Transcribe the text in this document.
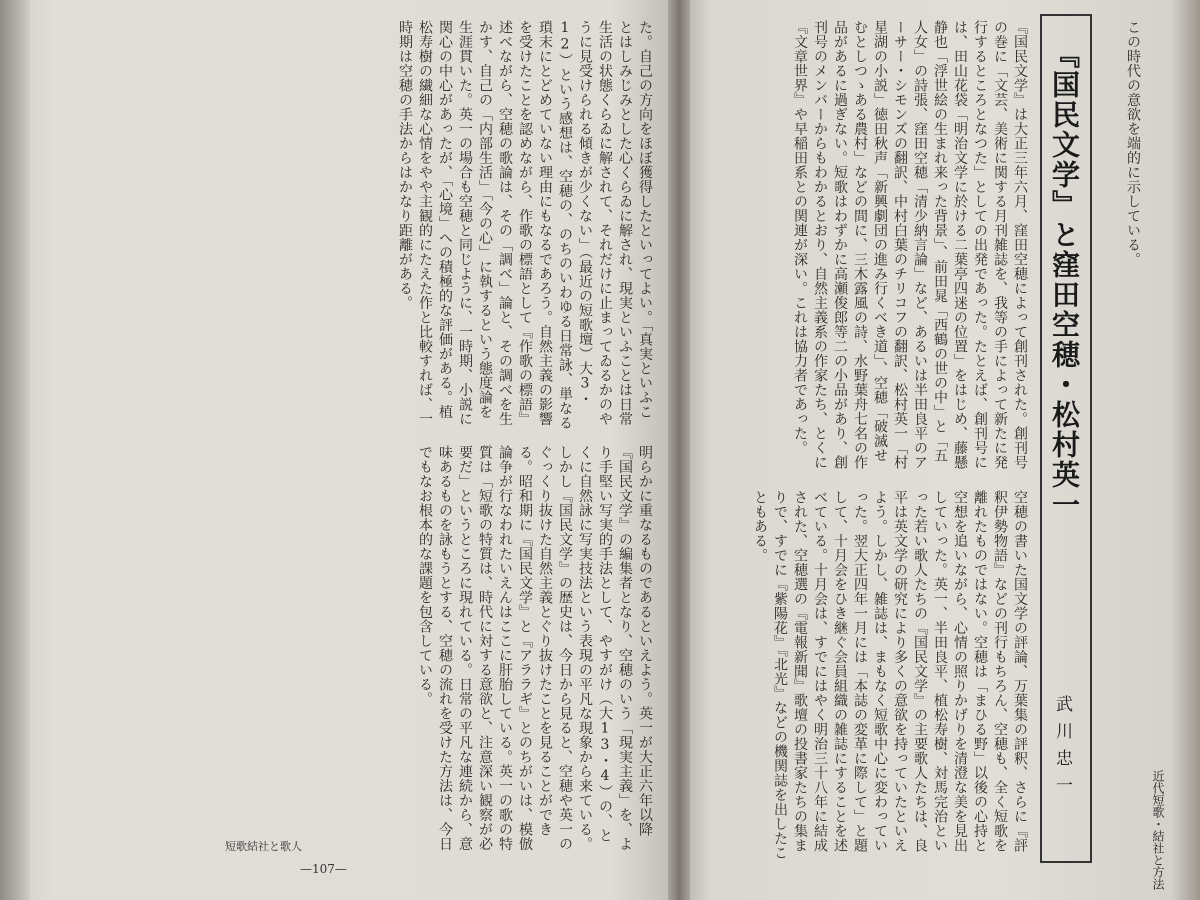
た。自己の方向をほぼ獲得したといってよい。「真実といふことはしみじみとした心くらゐに解され、現実といふことは日常生活の状態くらゐに解されて、それだけに止まってゐるかのやうに見受けられる傾きが少くない」（最近の短歌壇）大3・12）という感想は、空穂の、のちのいわゆる日常詠、単なる瑣末にとどめていない理由にもなるであろう。自然主義の影響を受けたことを認めながら、作歌の標語として『作歌の標語』述べながら、空穂の歌論は、その「調べ」論と、その調べを生かす、自己の「内部生活」「今の心」に執するという態度論を生涯貫いた。英一の場合も空穂と同じように、一時期、小説に関心の中心があったが、「心境」への積極的な評価がある。植松寿樹の繊細な心情をやや主観的にたえた作と比較すれば、一時期は空穂の手法からはかなり距離がある。

明らかに重なるものであるといえよう。英一が大正六年以降『国民文学』の編集者となり、空穂のいう「現実主義」を、より手堅い写実的手法として、やすがけ（大13・4）の、とくに自然詠に写実技法という表現の平凡な現象から来ている。しかし『国民文学』の歴史は、今日から見ると、空穂や英一のぐっくり抜けた自然主義とぐり抜けたことを見ることができる。昭和期に『国民文学』と『アララギ』とのちがいは、模倣論争が行なわれたいえんはここに肝胎している。英一の歌の特質は「短歌の特質は、時代に対する意欲と、注意深い観察が必要だ」というところに現れている。日常の平凡な連続から、意味あるものを詠もうとする、空穂の流れを受けた方法は、今日でもなお根本的な課題を包含している。

短歌結社と歌人
—107—

『国民文学』は大正三年六月、窪田空穂によって創刊された。創刊号の巻に「文芸、美術に関する月刊雑誌を、我等の手によって新たに発行するところとなつた」としての出発であった。たとえば、創刊号には、田山花袋「明治文学に於ける二葉亭四迷の位置」をはじめ、藤懸静也「浮世絵の生まれ来った背景」、前田晁「西鶴の世の中」と「五人女」の詩張、窪田空穂「清少納言論」など、あるいは半田良平のアーサー・シモンズの翻訳、中村白葉のチリコフの翻訳、松村英一「村星湖の小説」徳田秋声「新興劇団の進み行くべき道」、空穂「破滅せむとしつゝある農村」などの間に、三木露風の詩、水野葉舟七名の作品があるに過ぎない。短歌はわずかに高瀬俊郎等二の小品があり、創刊号のメンバーからもわかるとおり、自然主義系の作家たち、とくに『文章世界』や早稲田系との関連が深い。これは協力者であった。

空穂の書いた国文学の評論、万葉集の評釈、さらに『評釈伊勢物語』などの刊行もちろん、空穂も、全く短歌を離れたものではない。空穂は「まひる野」以後の心持と空想を追いながら、心情の照りかげりを清澄な美を見出していった。英一、半田良平、植松寿樹、対馬完治といった若い歌人たちの『国民文学』の主要歌人たちは、良平は英文学の研究により多くの意欲を持っていたといえよう。しかし、雑誌は、まもなく短歌中心に変わっていった。翌大正四年一月には「本誌の変革に際して」と題して、十月会をひき継ぐ会員組織の雑誌にすることを述べている。十月会は、すでにはやく明治三十八年に結成された、空穂選の『電報新聞』歌壇の投書家たちの集まりで、すでに『紫陽花』『北光』などの機関誌を出したこともある。

『国民文学』と窪田空穂・松村英一
武川忠一

この時代の意欲を端的に示している。

近代短歌・結社と方法
